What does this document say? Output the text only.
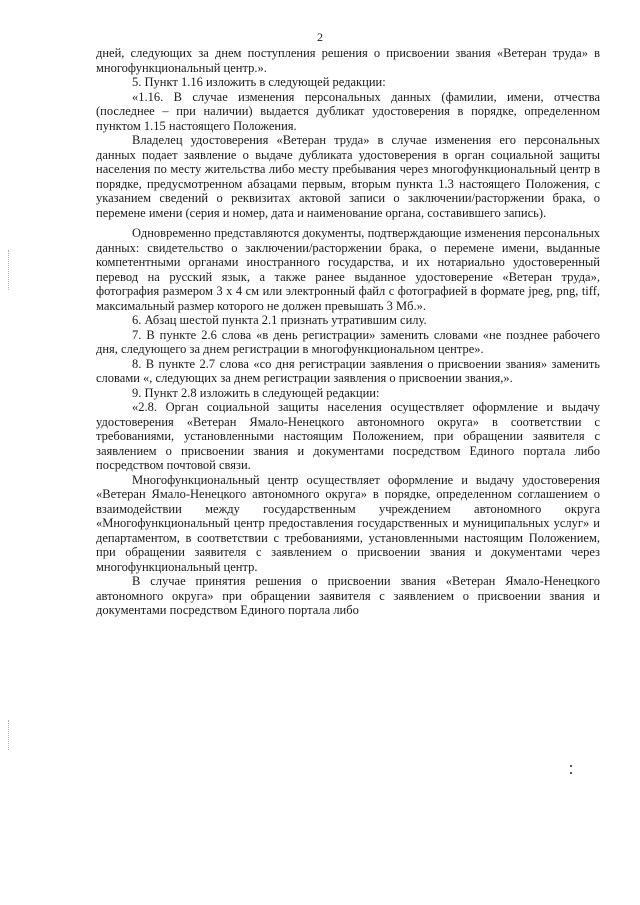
2

дней, следующих за днем поступления решения о присвоении звания «Ветеран труда» в многофункциональный центр.».

5. Пункт 1.16 изложить в следующей редакции:

«1.16. В случае изменения персональных данных (фамилии, имени, отчества (последнее – при наличии) выдается дубликат удостоверения в порядке, определенном пунктом 1.15 настоящего Положения.

Владелец удостоверения «Ветеран труда» в случае изменения его персональных данных подает заявление о выдаче дубликата удостоверения в орган социальной защиты населения по месту жительства либо месту пребывания через многофункциональный центр в порядке, предусмотренном абзацами первым, вторым пункта 1.3 настоящего Положения, с указанием сведений о реквизитах актовой записи о заключении/расторжении брака, о перемене имени (серия и номер, дата и наименование органа, составившего запись).

Одновременно представляются документы, подтверждающие изменения персональных данных: свидетельство о заключении/расторжении брака, о перемене имени, выданные компетентными органами иностранного государства, и их нотариально удостоверенный перевод на русский язык, а также ранее выданное удостоверение «Ветеран труда», фотография размером 3 х 4 см или электронный файл с фотографией в формате jpeg, png, tiff, максимальный размер которого не должен превышать 3 Мб.».

6. Абзац шестой пункта 2.1 признать утратившим силу.

7. В пункте 2.6 слова «в день регистрации» заменить словами «не позднее рабочего дня, следующего за днем регистрации в многофункциональном центре».

8. В пункте 2.7 слова «со дня регистрации заявления о присвоении звания» заменить словами «, следующих за днем регистрации заявления о присвоении звания,».

9. Пункт 2.8 изложить в следующей редакции:

«2.8. Орган социальной защиты населения осуществляет оформление и выдачу удостоверения «Ветеран Ямало-Ненецкого автономного округа» в соответствии с требованиями, установленными настоящим Положением, при обращении заявителя с заявлением о присвоении звания и документами посредством Единого портала либо посредством почтовой связи.

Многофункциональный центр осуществляет оформление и выдачу удостоверения «Ветеран Ямало-Ненецкого автономного округа» в порядке, определенном соглашением о взаимодействии между государственным учреждением автономного округа «Многофункциональный центр предоставления государственных и муниципальных услуг» и департаментом, в соответствии с требованиями, установленными настоящим Положением, при обращении заявителя с заявлением о присвоении звания и документами через многофункциональный центр.

В случае принятия решения о присвоении звания «Ветеран Ямало-Ненецкого автономного округа» при обращении заявителя с заявлением о присвоении звания и документами посредством Единого портала либо
